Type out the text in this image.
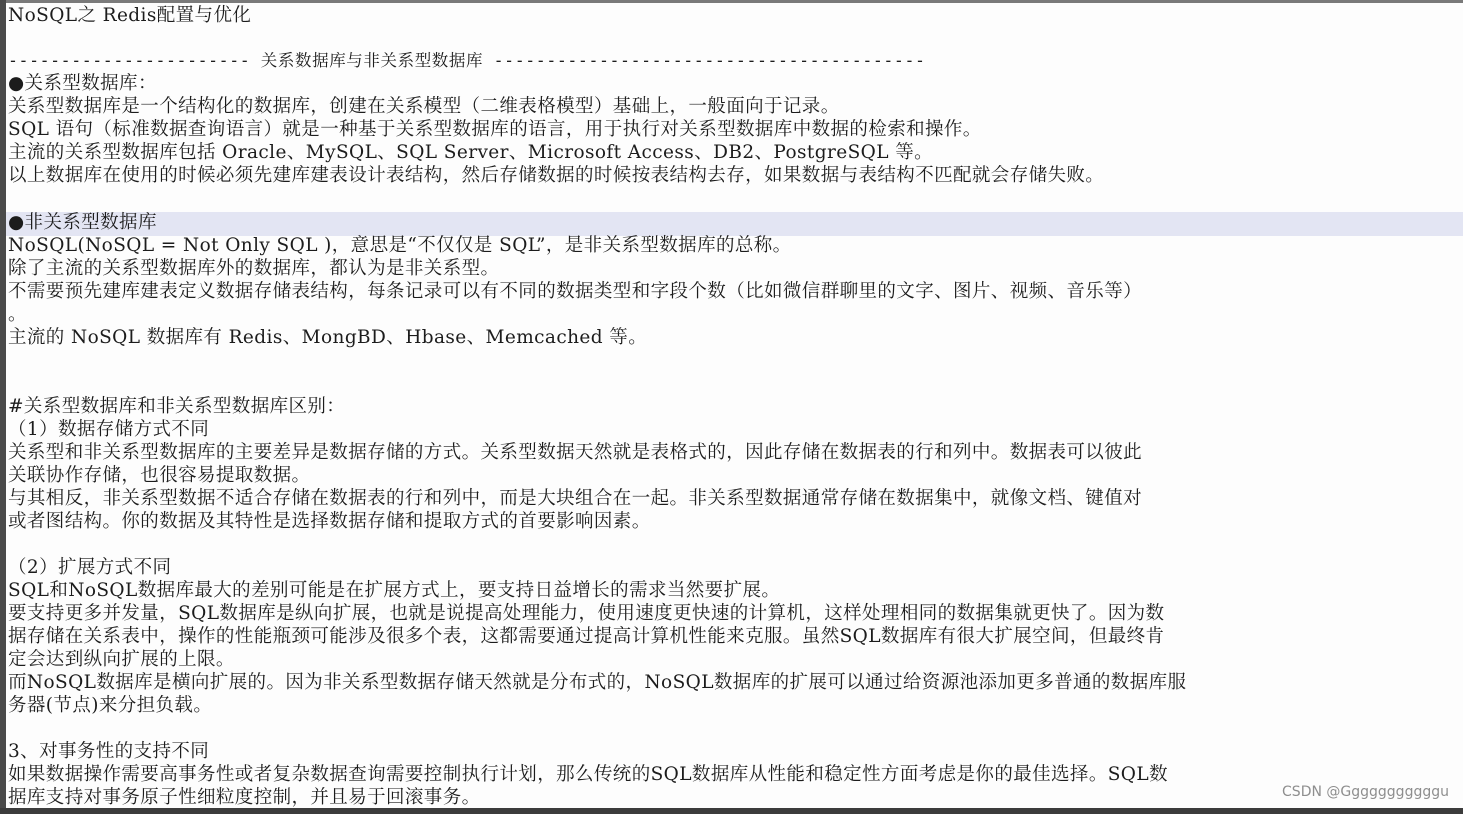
NoSQL之 Redis配置与优化
----------------------- 关系数据库与非关系型数据库 -----------------------------------------
●关系型数据库：
关系型数据库是一个结构化的数据库，创建在关系模型（二维表格模型）基础上，一般面向于记录。
SQL 语句（标准数据查询语言）就是一种基于关系型数据库的语言，用于执行对关系型数据库中数据的检索和操作。
主流的关系型数据库包括 Oracle、MySQL、SQL Server、Microsoft Access、DB2、PostgreSQL 等。
以上数据库在使用的时候必须先建库建表设计表结构，然后存储数据的时候按表结构去存，如果数据与表结构不匹配就会存储失败。
●非关系型数据库
NoSQL(NoSQL = Not Only SQL )，意思是“不仅仅是 SQL”，是非关系型数据库的总称。
除了主流的关系型数据库外的数据库，都认为是非关系型。
不需要预先建库建表定义数据存储表结构，每条记录可以有不同的数据类型和字段个数（比如微信群聊里的文字、图片、视频、音乐等）
。
主流的 NoSQL 数据库有 Redis、MongBD、Hbase、Memcached 等。
#关系型数据库和非关系型数据库区别：
（1）数据存储方式不同
关系型和非关系型数据库的主要差异是数据存储的方式。关系型数据天然就是表格式的，因此存储在数据表的行和列中。数据表可以彼此
关联协作存储，也很容易提取数据。
与其相反，非关系型数据不适合存储在数据表的行和列中，而是大块组合在一起。非关系型数据通常存储在数据集中，就像文档、键值对
或者图结构。你的数据及其特性是选择数据存储和提取方式的首要影响因素。
（2）扩展方式不同
SQL和NoSQL数据库最大的差别可能是在扩展方式上，要支持日益增长的需求当然要扩展。
要支持更多并发量，SQL数据库是纵向扩展，也就是说提高处理能力，使用速度更快速的计算机，这样处理相同的数据集就更快了。因为数
据存储在关系表中，操作的性能瓶颈可能涉及很多个表，这都需要通过提高计算机性能来克服。虽然SQL数据库有很大扩展空间，但最终肯
定会达到纵向扩展的上限。
而NoSQL数据库是横向扩展的。因为非关系型数据存储天然就是分布式的，NoSQL数据库的扩展可以通过给资源池添加更多普通的数据库服
务器(节点)来分担负载。
3、对事务性的支持不同
如果数据操作需要高事务性或者复杂数据查询需要控制执行计划，那么传统的SQL数据库从性能和稳定性方面考虑是你的最佳选择。SQL数
据库支持对事务原子性细粒度控制，并且易于回滚事务。	CSDN @Gggggggggggu
